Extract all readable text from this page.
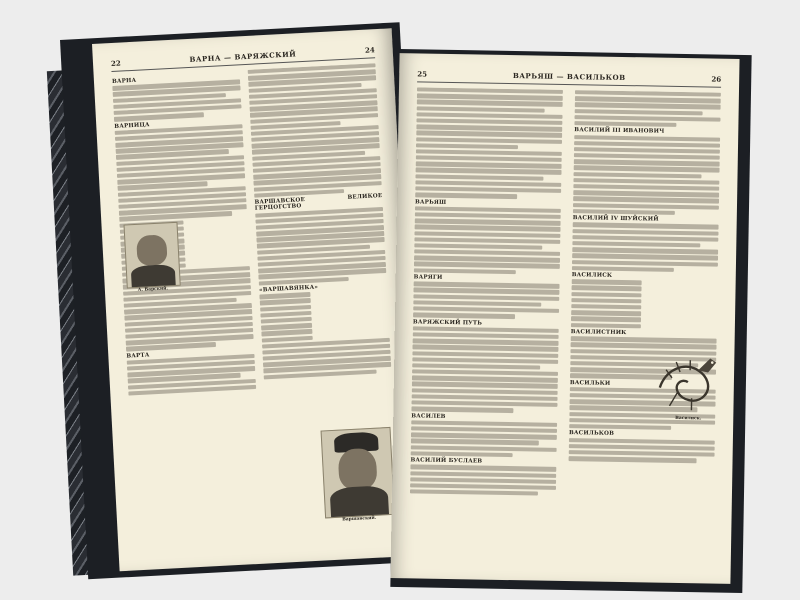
22	ВАРНА — ВАРЯЖСКИЙ	24
ВАРНА
ВАРНИЦА
ВАРТА
А. Варский.
ВАРШАВСКОЕ ВЕЛИКОЕ ГЕРЦОГСТВО
«ВАРШАВЯНКА»
Варшавский.
25	ВАРЬЯШ — ВАСИЛЬКОВ	26
ВАРЬЯШ
ВАРЯГИ
ВАРЯЖСКИЙ ПУТЬ
ВАСИЛЕВ
ВАСИЛИЙ БУСЛАЕВ
ВАСИЛИЙ III ИВАНОВИЧ
ВАСИЛИЙ IV ШУЙСКИЙ
ВАСИЛИСК
ВАСИЛИСТНИК
ВАСИЛЬКИ
ВАСИЛЬКОВ
Василиск.
